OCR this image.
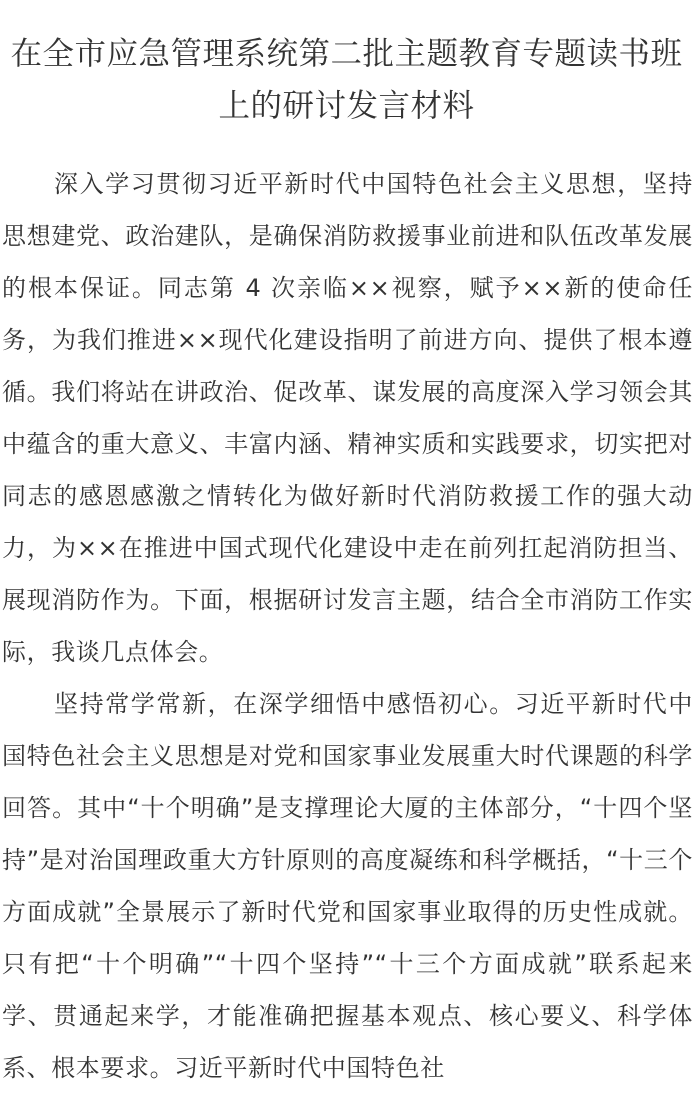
在全市应急管理系统第二批主题教育专题读书班上的研讨发言材料

深入学习贯彻习近平新时代中国特色社会主义思想，坚持思想建党、政治建队，是确保消防救援事业前进和队伍改革发展的根本保证。同志第 4 次亲临××视察，赋予××新的使命任务，为我们推进××现代化建设指明了前进方向、提供了根本遵循。我们将站在讲政治、促改革、谋发展的高度深入学习领会其中蕴含的重大意义、丰富内涵、精神实质和实践要求，切实把对同志的感恩感激之情转化为做好新时代消防救援工作的强大动力，为××在推进中国式现代化建设中走在前列扛起消防担当、展现消防作为。下面，根据研讨发言主题，结合全市消防工作实际，我谈几点体会。

坚持常学常新，在深学细悟中感悟初心。习近平新时代中国特色社会主义思想是对党和国家事业发展重大时代课题的科学回答。其中“十个明确”是支撑理论大厦的主体部分，“十四个坚持”是对治国理政重大方针原则的高度凝练和科学概括，“十三个方面成就”全景展示了新时代党和国家事业取得的历史性成就。只有把“十个明确”“十四个坚持”“十三个方面成就”联系起来学、贯通起来学，才能准确把握基本观点、核心要义、科学体系、根本要求。习近平新时代中国特色社
